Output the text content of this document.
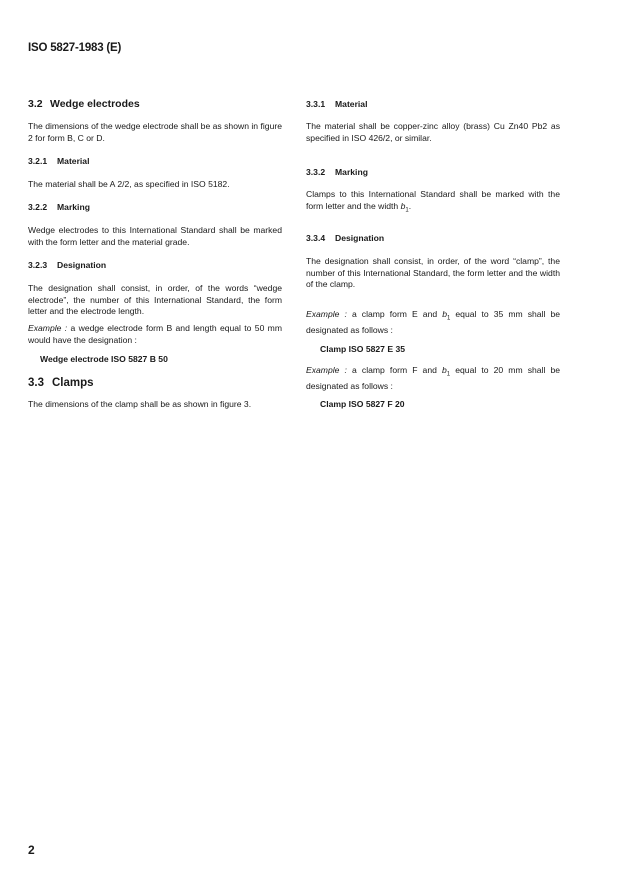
ISO 5827-1983 (E)

3.2 Wedge electrodes

The dimensions of the wedge electrode shall be as shown in figure 2 for form B, C or D.

3.2.1 Material

The material shall be A 2/2, as specified in ISO 5182.

3.2.2 Marking

Wedge electrodes to this International Standard shall be marked with the form letter and the material grade.

3.2.3 Designation

The designation shall consist, in order, of the words “wedge electrode”, the number of this International Standard, the form letter and the electrode length.

Example : a wedge electrode form B and length equal to 50 mm would have the designation :

Wedge electrode ISO 5827 B 50

3.3 Clamps

The dimensions of the clamp shall be as shown in figure 3.

3.3.1 Material

The material shall be copper-zinc alloy (brass) Cu Zn40 Pb2 as specified in ISO 426/2, or similar.

3.3.2 Marking

Clamps to this International Standard shall be marked with the form letter and the width $b_1$.

3.3.4 Designation

The designation shall consist, in order, of the word “clamp”, the number of this International Standard, the form letter and the width of the clamp.

Example : a clamp form E and $b_1$ equal to 35 mm shall be designated as follows :

Clamp ISO 5827 E 35

Example : a clamp form F and $b_1$ equal to 20 mm shall be designated as follows :

Clamp ISO 5827 F 20

2
